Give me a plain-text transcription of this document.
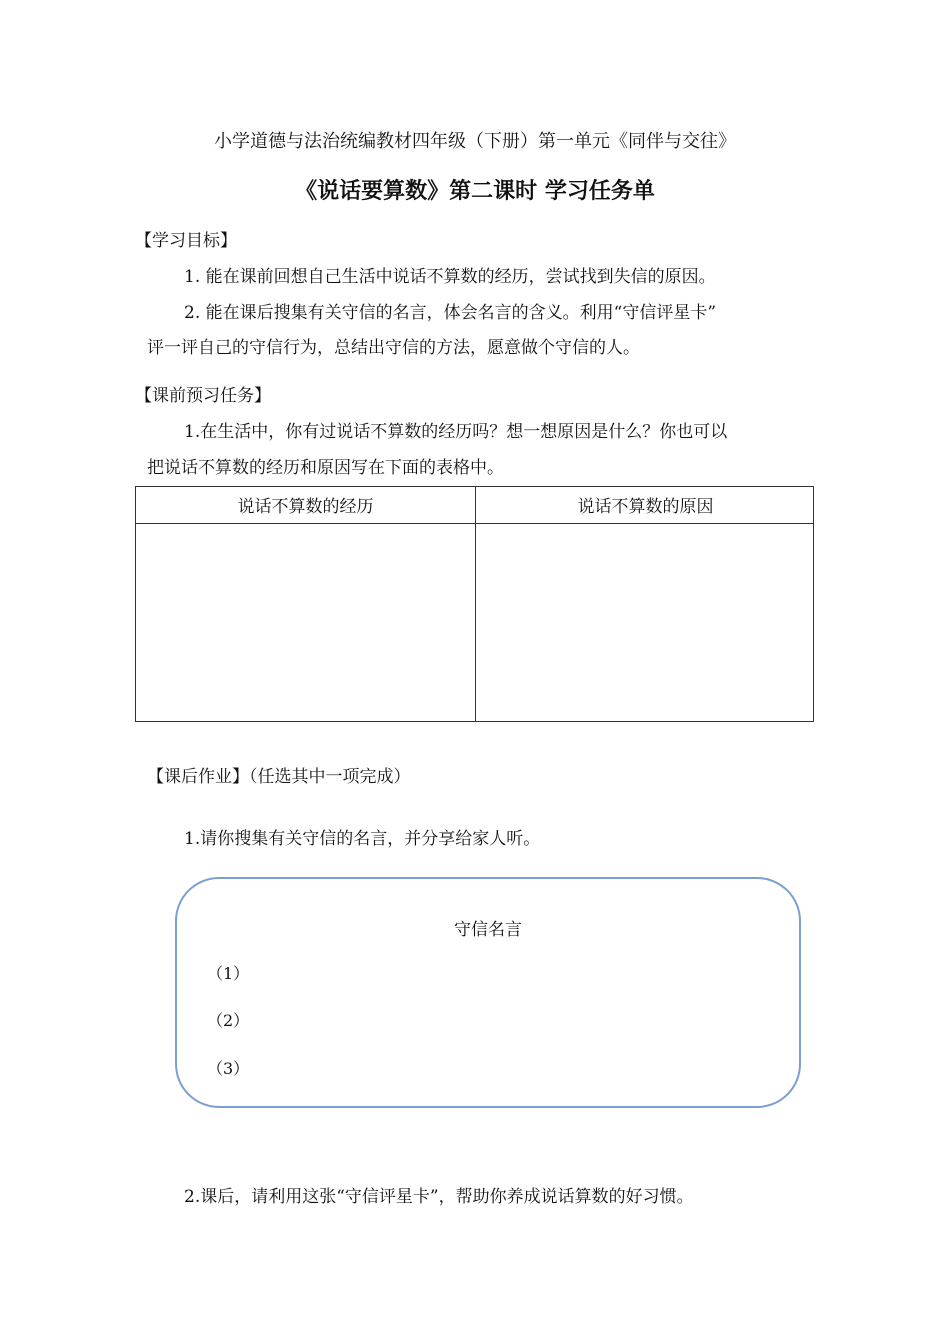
小学道德与法治统编教材四年级（下册）第一单元《同伴与交往》
《说话要算数》第二课时 学习任务单
【学习目标】
1. 能在课前回想自己生活中说话不算数的经历，尝试找到失信的原因。
2. 能在课后搜集有关守信的名言，体会名言的含义。利用“守信评星卡”
评一评自己的守信行为，总结出守信的方法，愿意做个守信的人。
【课前预习任务】
1.在生活中，你有过说话不算数的经历吗？想一想原因是什么？你也可以
把说话不算数的经历和原因写在下面的表格中。
说话不算数的经历	说话不算数的原因
【课后作业】（任选其中一项完成）
1.请你搜集有关守信的名言，并分享给家人听。
守信名言
（1）
（2）
（3）
2.课后，请利用这张“守信评星卡”，帮助你养成说话算数的好习惯。
